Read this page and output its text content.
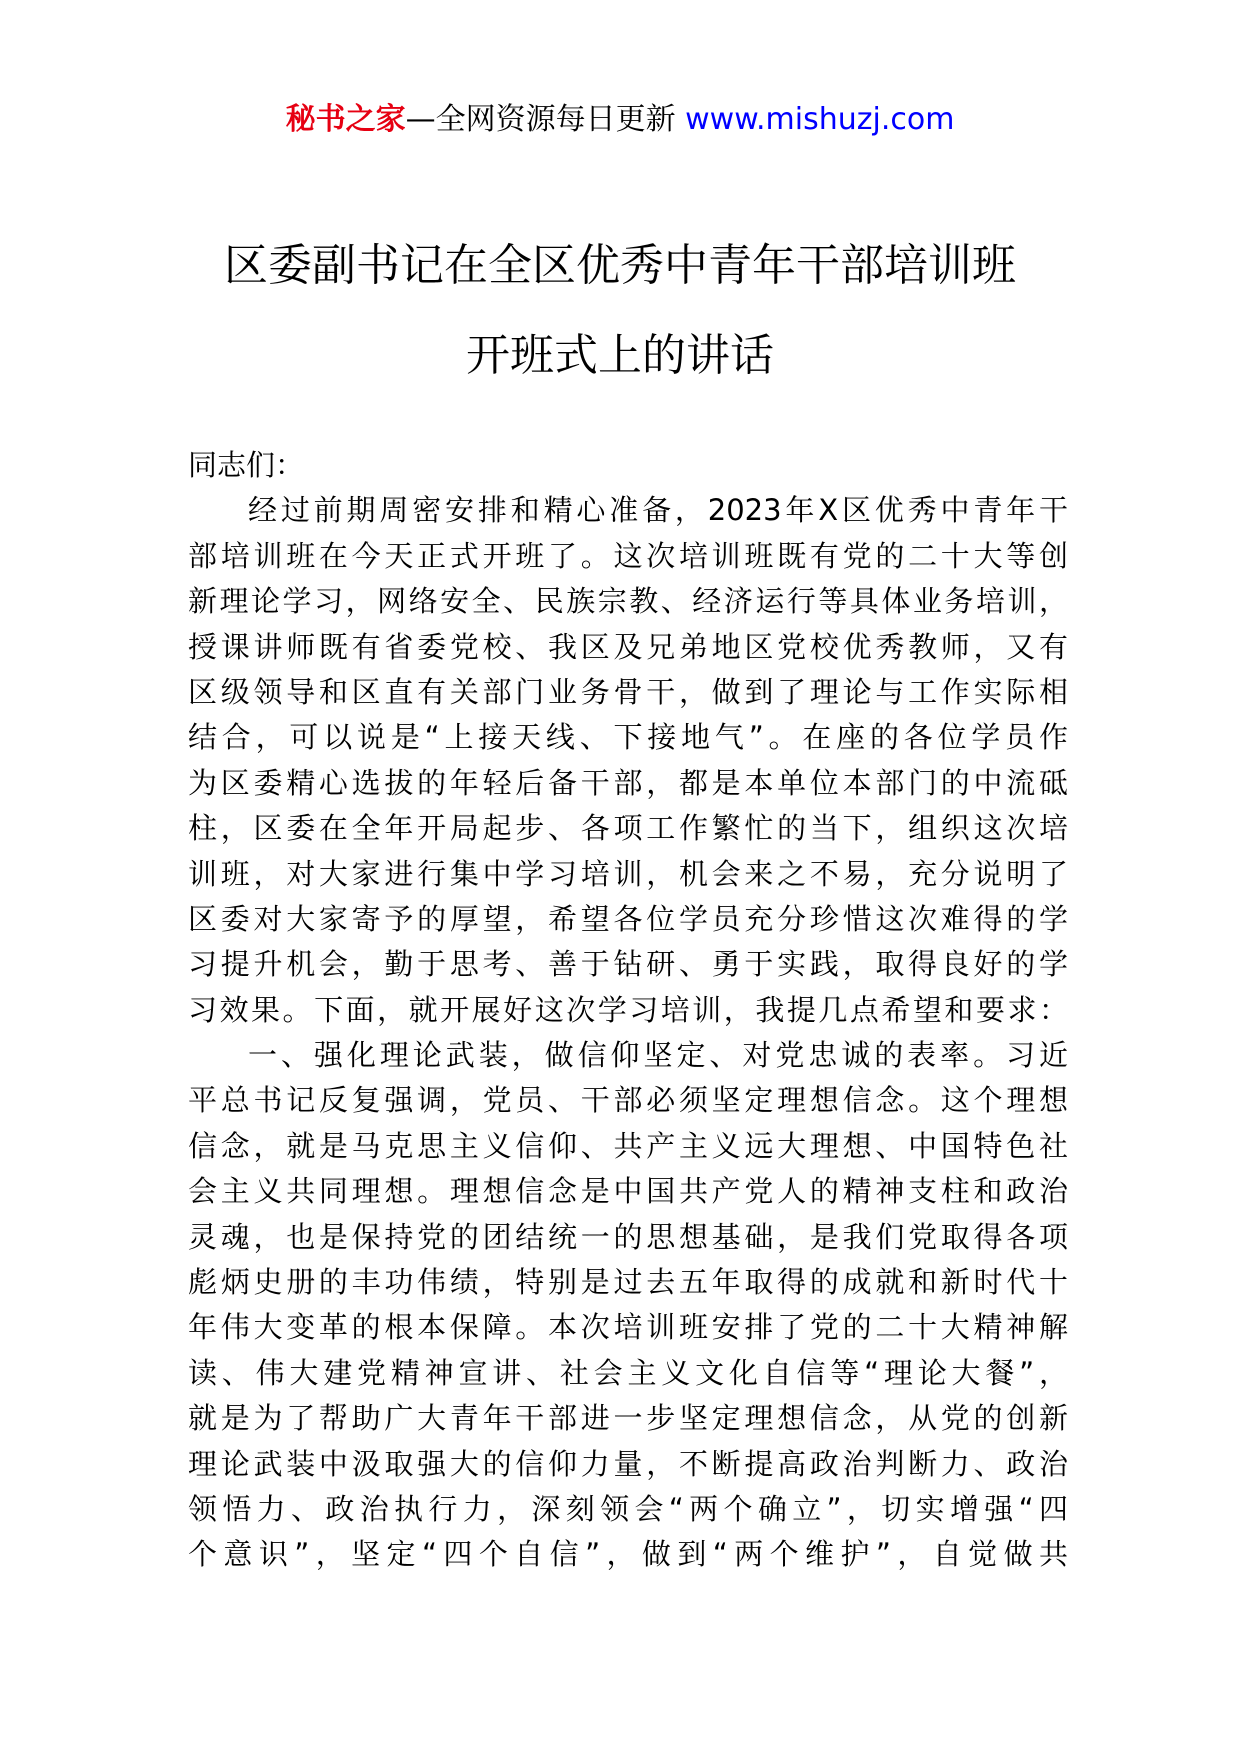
秘书之家—全网资源每日更新 www.mishuzj.com
区委副书记在全区优秀中青年干部培训班
开班式上的讲话
同志们：
经过前期周密安排和精心准备，2023年X区优秀中青年干
部培训班在今天正式开班了。这次培训班既有党的二十大等创
新理论学习，网络安全、民族宗教、经济运行等具体业务培训，
授课讲师既有省委党校、我区及兄弟地区党校优秀教师，又有
区级领导和区直有关部门业务骨干，做到了理论与工作实际相
结合，可以说是“上接天线、下接地气”。在座的各位学员作
为区委精心选拔的年轻后备干部，都是本单位本部门的中流砥
柱，区委在全年开局起步、各项工作繁忙的当下，组织这次培
训班，对大家进行集中学习培训，机会来之不易，充分说明了
区委对大家寄予的厚望，希望各位学员充分珍惜这次难得的学
习提升机会，勤于思考、善于钻研、勇于实践，取得良好的学
习效果。下面，就开展好这次学习培训，我提几点希望和要求：
一、强化理论武装，做信仰坚定、对党忠诚的表率。习近
平总书记反复强调，党员、干部必须坚定理想信念。这个理想
信念，就是马克思主义信仰、共产主义远大理想、中国特色社
会主义共同理想。理想信念是中国共产党人的精神支柱和政治
灵魂，也是保持党的团结统一的思想基础，是我们党取得各项
彪炳史册的丰功伟绩，特别是过去五年取得的成就和新时代十
年伟大变革的根本保障。本次培训班安排了党的二十大精神解
读、伟大建党精神宣讲、社会主义文化自信等“理论大餐”，
就是为了帮助广大青年干部进一步坚定理想信念，从党的创新
理论武装中汲取强大的信仰力量，不断提高政治判断力、政治
领悟力、政治执行力，深刻领会“两个确立”，切实增强“四
个意识”，坚定“四个自信”，做到“两个维护”，自觉做共
